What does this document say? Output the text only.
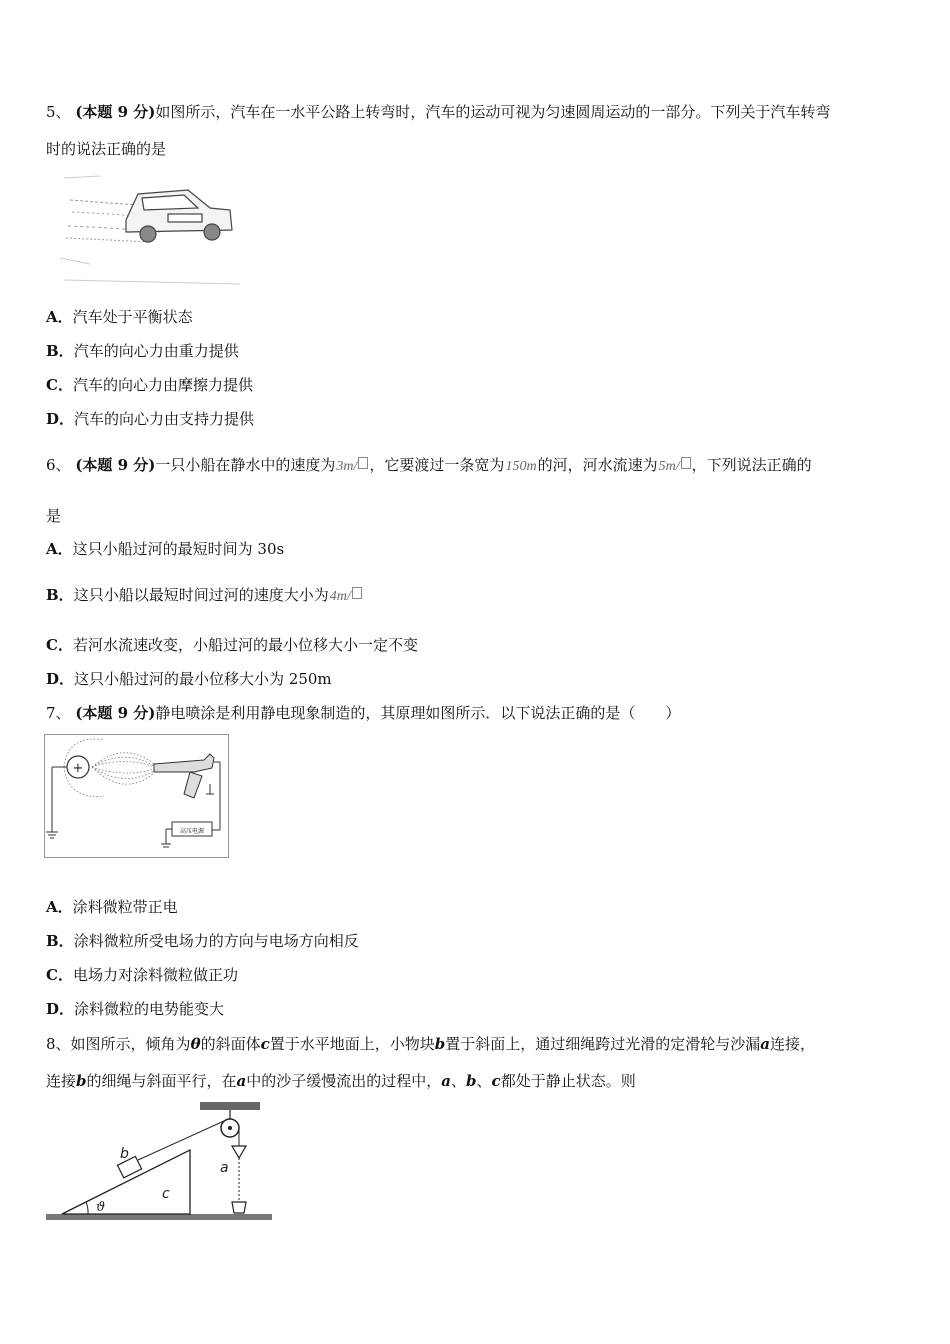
5、 (本题 9 分)如图所示，汽车在一水平公路上转弯时，汽车的运动可视为匀速圆周运动的一部分。下列关于汽车转弯
时的说法正确的是
A．汽车处于平衡状态
B．汽车的向心力由重力提供
C．汽车的向心力由摩擦力提供
D．汽车的向心力由支持力提供
6、 (本题 9 分)一只小船在静水中的速度为3m/ ，它要渡过一条宽为150m的河，河水流速为5m/ ，下列说法正确的
是
A．这只小船过河的最短时间为 30s
B．这只小船以最短时间过河的速度大小为4m/
C．若河水流速改变，小船过河的最小位移大小一定不变
D．这只小船过河的最小位移大小为 250m
7、 (本题 9 分)静电喷涂是利用静电现象制造的，其原理如图所示．以下说法正确的是（　　）
+
高压电源
A．涂料微粒带正电
B．涂料微粒所受电场力的方向与电场方向相反
C．电场力对涂料微粒做正功
D．涂料微粒的电势能变大
8、如图所示，倾角为θ的斜面体c置于水平地面上，小物块b置于斜面上，通过细绳跨过光滑的定滑轮与沙漏a连接，
连接b的细绳与斜面平行，在a中的沙子缓慢流出的过程中，a、b、c都处于静止状态。则
ϑ
b
c
a
